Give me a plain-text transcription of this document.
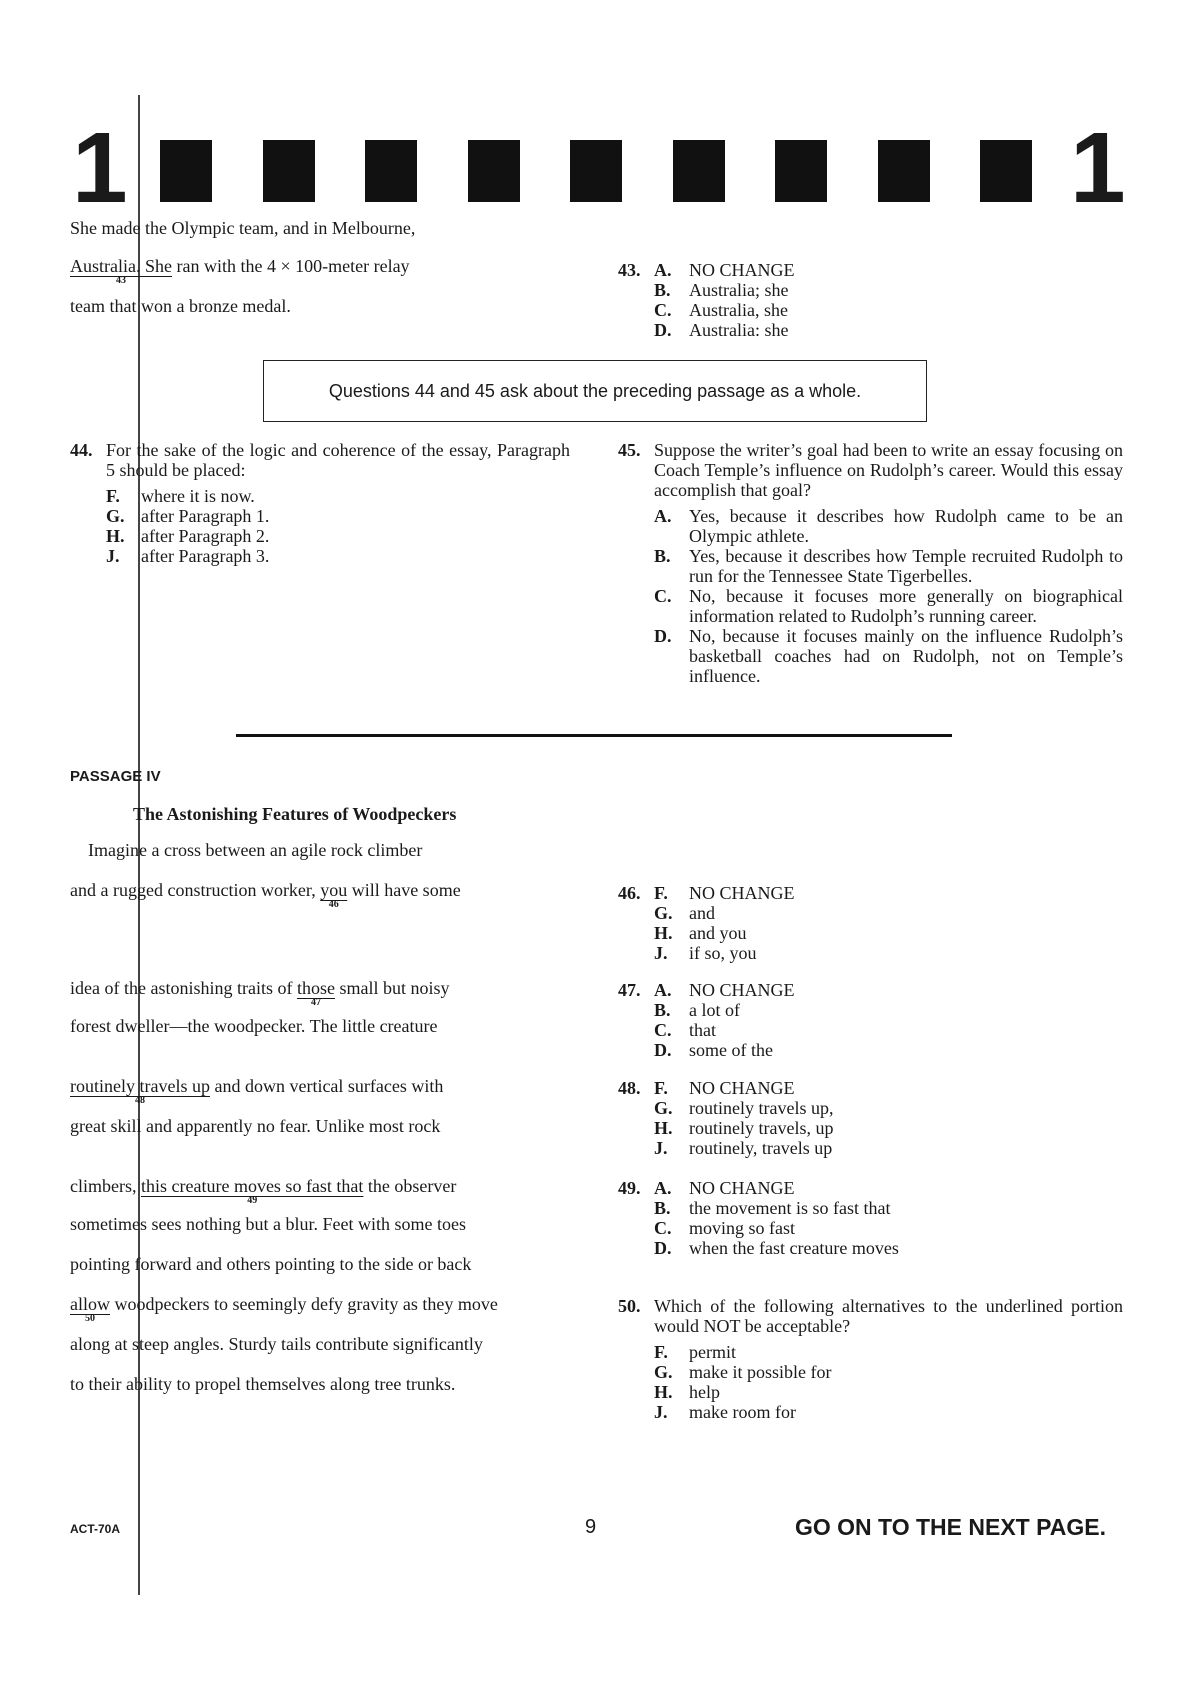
1	1
She made the Olympic team, and in Melbourne,
Australia. She
43
ran with the 4 × 100-meter relay
team that won a bronze medal.
43. A. NO CHANGE
B. Australia; she
C. Australia, she
D. Australia: she
Questions 44 and 45 ask about the preceding passage as a whole.
44. For the sake of the logic and coherence of the essay, Paragraph 5 should be placed:
F. where it is now.
G. after Paragraph 1.
H. after Paragraph 2.
J. after Paragraph 3.
45. Suppose the writer’s goal had been to write an essay focusing on Coach Temple’s influence on Rudolph’s career. Would this essay accomplish that goal?
A. Yes, because it describes how Rudolph came to be an Olympic athlete.
B. Yes, because it describes how Temple recruited Rudolph to run for the Tennessee State Tigerbelles.
C. No, because it focuses more generally on biographical information related to Rudolph’s running career.
D. No, because it focuses mainly on the influence Rudolph’s basketball coaches had on Rudolph, not on Temple’s influence.
PASSAGE IV
The Astonishing Features of Woodpeckers
Imagine a cross between an agile rock climber
and a rugged construction worker, you
46
will have some
idea of the astonishing traits of those
47
small but noisy
forest dweller—the woodpecker. The little creature
routinely travels up
48
and down vertical surfaces with
great skill and apparently no fear. Unlike most rock
climbers, this creature moves so fast that
49
the observer
sometimes sees nothing but a blur. Feet with some toes
pointing forward and others pointing to the side or back
allow
50
woodpeckers to seemingly defy gravity as they move
along at steep angles. Sturdy tails contribute significantly
to their ability to propel themselves along tree trunks.
46. F. NO CHANGE
G. and
H. and you
J. if so, you
47. A. NO CHANGE
B. a lot of
C. that
D. some of the
48. F. NO CHANGE
G. routinely travels up,
H. routinely travels, up
J. routinely, travels up
49. A. NO CHANGE
B. the movement is so fast that
C. moving so fast
D. when the fast creature moves
50. Which of the following alternatives to the underlined portion would NOT be acceptable?
F. permit
G. make it possible for
H. help
J. make room for
ACT-70A	9	GO ON TO THE NEXT PAGE.
